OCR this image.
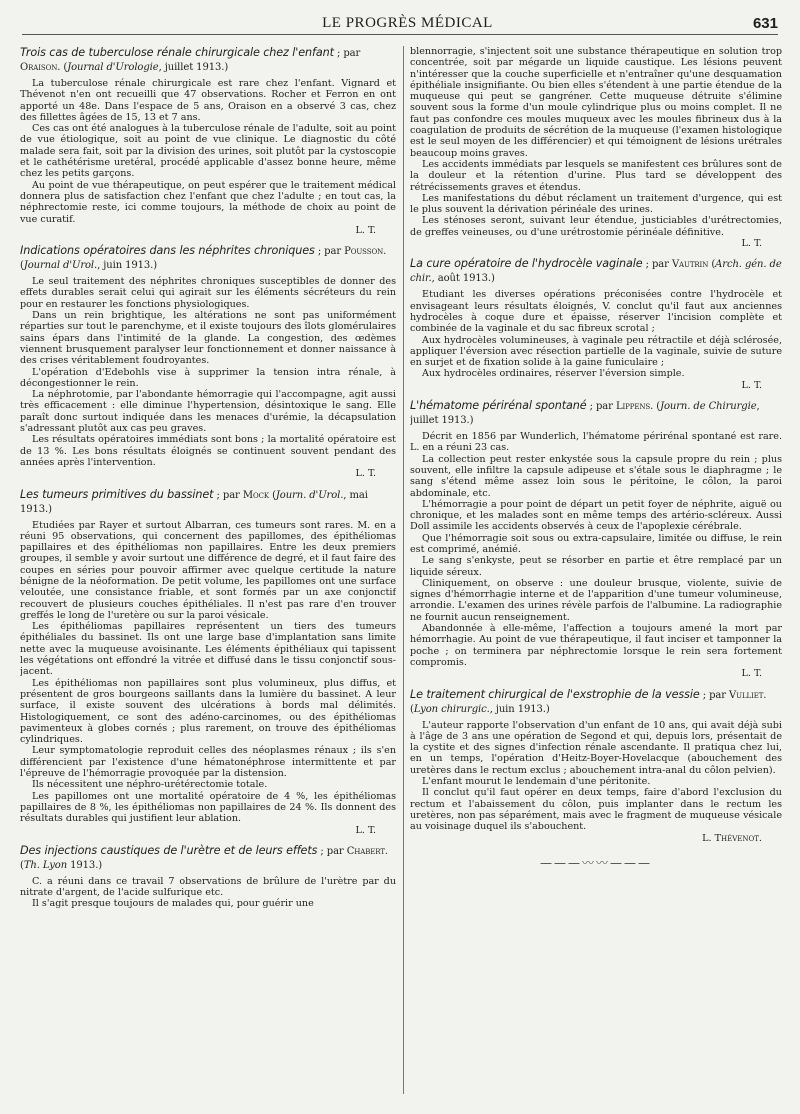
LE PROGRÈS MÉDICAL	631
Trois cas de tuberculose rénale chirurgicale chez l'enfant ; par Oraison. (Journal d'Urologie, juillet 1913.)

La tuberculose rénale chirurgicale est rare chez l'enfant. Vignard et Thévenot n'en ont recueilli que 47 observations. Rocher et Ferron en ont apporté un 48e. Dans l'espace de 5 ans, Oraison en a observé 3 cas, chez des fillettes âgées de 15, 13 et 7 ans.

Ces cas ont été analogues à la tuberculose rénale de l'adulte, soit au point de vue étiologique, soit au point de vue clinique. Le diagnostic du côté malade sera fait, soit par la division des urines, soit plutôt par la cystoscopie et le cathétérisme uretéral, procédé applicable d'assez bonne heure, même chez les petits garçons.

Au point de vue thérapeutique, on peut espérer que le traitement médical donnera plus de satisfaction chez l'enfant que chez l'adulte ; en tout cas, la néphrectomie reste, ici comme toujours, la méthode de choix au point de vue curatif.

L. T.

Indications opératoires dans les néphrites chroniques ; par Pousson. (Journal d'Urol., juin 1913.)

Le seul traitement des néphrites chroniques susceptibles de donner des effets durables serait celui qui agirait sur les éléments sécréteurs du rein pour en restaurer les fonctions physiologiques.

Dans un rein brightique, les altérations ne sont pas uniformément réparties sur tout le parenchyme, et il existe toujours des îlots glomérulaires sains épars dans l'intimité de la glande. La congestion, des œdèmes viennent brusquement paralyser leur fonctionnement et donner naissance à des crises véritablement foudroyantes.

L'opération d'Edebohls vise à supprimer la tension intra rénale, à décongestionner le rein.

La néphrotomie, par l'abondante hémorragie qui l'accompagne, agit aussi très efficacement : elle diminue l'hypertension, désintoxique le sang. Elle paraît donc surtout indiquée dans les menaces d'urémie, la décapsulation s'adressant plutôt aux cas peu graves.

Les résultats opératoires immédiats sont bons ; la mortalité opératoire est de 13 %. Les bons résultats éloignés se continuent souvent pendant des années après l'intervention.

L. T.

Les tumeurs primitives du bassinet ; par Mock (Journ. d'Urol., mai 1913.)

Etudiées par Rayer et surtout Albarran, ces tumeurs sont rares. M. en a réuni 95 observations, qui concernent des papillomes, des épithéliomas papillaires et des épithéliomas non papillaires. Entre les deux premiers groupes, il semble y avoir surtout une différence de degré, et il faut faire des coupes en séries pour pouvoir affirmer avec quelque certitude la nature bénigne de la néoformation. De petit volume, les papillomes ont une surface veloutée, une consistance friable, et sont formés par un axe conjonctif recouvert de plusieurs couches épithéliales. Il n'est pas rare d'en trouver greffés le long de l'uretère ou sur la paroi vésicale.

Les épithéliomas papillaires représentent un tiers des tumeurs épithéliales du bassinet. Ils ont une large base d'implantation sans limite nette avec la muqueuse avoisinante. Les éléments épithéliaux qui tapissent les végétations ont effondré la vitrée et diffusé dans le tissu conjonctif sous-jacent.

Les épithéliomas non papillaires sont plus volumineux, plus diffus, et présentent de gros bourgeons saillants dans la lumière du bassinet. A leur surface, il existe souvent des ulcérations à bords mal délimités. Histologiquement, ce sont des adéno-carcinomes, ou des épithéliomas pavimenteux à globes cornés ; plus rarement, on trouve des épithéliomas cylindriques.

Leur symptomatologie reproduit celles des néoplasmes rénaux ; ils s'en différencient par l'existence d'une hématonéphrose intermittente et par l'épreuve de l'hémorragie provoquée par la distension.

Ils nécessitent une néphro-urétérectomie totale.

Les papillomes ont une mortalité opératoire de 4 %, les épithéliomas papillaires de 8 %, les épithéliomas non papillaires de 24 %. Ils donnent des résultats durables qui justifient leur ablation.

L. T.

Des injections caustiques de l'urètre et de leurs effets ; par Chabert. (Th. Lyon 1913.)

C. a réuni dans ce travail 7 observations de brûlure de l'urètre par du nitrate d'argent, de l'acide sulfurique etc.

Il s'agit presque toujours de malades qui, pour guérir une

blennorragie, s'injectent soit une substance thérapeutique en solution trop concentrée, soit par mégarde un liquide caustique. Les lésions peuvent n'intéresser que la couche superficielle et n'entraîner qu'une desquamation épithéliale insignifiante. Ou bien elles s'étendent à une partie étendue de la muqueuse qui peut se gangréner. Cette muqueuse détruite s'élimine souvent sous la forme d'un moule cylindrique plus ou moins complet. Il ne faut pas confondre ces moules muqueux avec les moules fibrineux dus à la coagulation de produits de sécrétion de la muqueuse (l'examen histologique est le seul moyen de les différencier) et qui témoignent de lésions urétrales beaucoup moins graves.

Les accidents immédiats par lesquels se manifestent ces brûlures sont de la douleur et la rétention d'urine. Plus tard se développent des rétrécissements graves et étendus.

Les manifestations du début réclament un traitement d'urgence, qui est le plus souvent la dérivation périnéale des urines.

Les sténoses seront, suivant leur étendue, justiciables d'urétrectomies, de greffes veineuses, ou d'une urétrostomie périnéale définitive.

L. T.

La cure opératoire de l'hydrocèle vaginale ; par Vautrin (Arch. gén. de chir., août 1913.)

Etudiant les diverses opérations préconisées contre l'hydrocèle et envisageant leurs résultats éloignés, V. conclut qu'il faut aux anciennes hydrocèles à coque dure et épaisse, réserver l'incision complète et combinée de la vaginale et du sac fibreux scrotal ;

Aux hydrocèles volumineuses, à vaginale peu rétractile et déjà sclérosée, appliquer l'éversion avec résection partielle de la vaginale, suivie de suture en surjet et de fixation solide à la gaine funiculaire ;

Aux hydrocèles ordinaires, réserver l'éversion simple.

L. T.

L'hématome périrénal spontané ; par Lippens. (Journ. de Chirurgie, juillet 1913.)

Décrit en 1856 par Wunderlich, l'hématome périrénal spontané est rare. L. en a réuni 23 cas.

La collection peut rester enkystée sous la capsule propre du rein ; plus souvent, elle infiltre la capsule adipeuse et s'étale sous le diaphragme ; le sang s'étend même assez loin sous le péritoine, le côlon, la paroi abdominale, etc.

L'hémorragie a pour point de départ un petit foyer de néphrite, aiguë ou chronique, et les malades sont en même temps des artério-scléreux. Aussi Doll assimile les accidents observés à ceux de l'apoplexie cérébrale.

Que l'hémorragie soit sous ou extra-capsulaire, limitée ou diffuse, le rein est comprimé, anémié.

Le sang s'enkyste, peut se résorber en partie et être remplacé par un liquide séreux.

Cliniquement, on observe : une douleur brusque, violente, suivie de signes d'hémorrhagie interne et de l'apparition d'une tumeur volumineuse, arrondie. L'examen des urines révèle parfois de l'albumine. La radiographie ne fournit aucun renseignement.

Abandonnée à elle-même, l'affection a toujours amené la mort par hémorrhagie. Au point de vue thérapeutique, il faut inciser et tamponner la poche ; on terminera par néphrectomie lorsque le rein sera fortement compromis.

L. T.

Le traitement chirurgical de l'exstrophie de la vessie ; par Vulliet. (Lyon chirurgic., juin 1913.)

L'auteur rapporte l'observation d'un enfant de 10 ans, qui avait déjà subi à l'âge de 3 ans une opération de Segond et qui, depuis lors, présentait de la cystite et des signes d'infection rénale ascendante. Il pratiqua chez lui, en un temps, l'opération d'Heitz-Boyer-Hovelacque (abouchement des uretères dans le rectum exclus ; abouchement intra-anal du côlon pelvien).

L'enfant mourut le lendemain d'une péritonite.

Il conclut qu'il faut opérer en deux temps, faire d'abord l'exclusion du rectum et l'abaissement du côlon, puis implanter dans le rectum les uretères, non pas séparément, mais avec le fragment de muqueuse vésicale au voisinage duquel ils s'abouchent.

L. Thévenot.

———〰〰———
